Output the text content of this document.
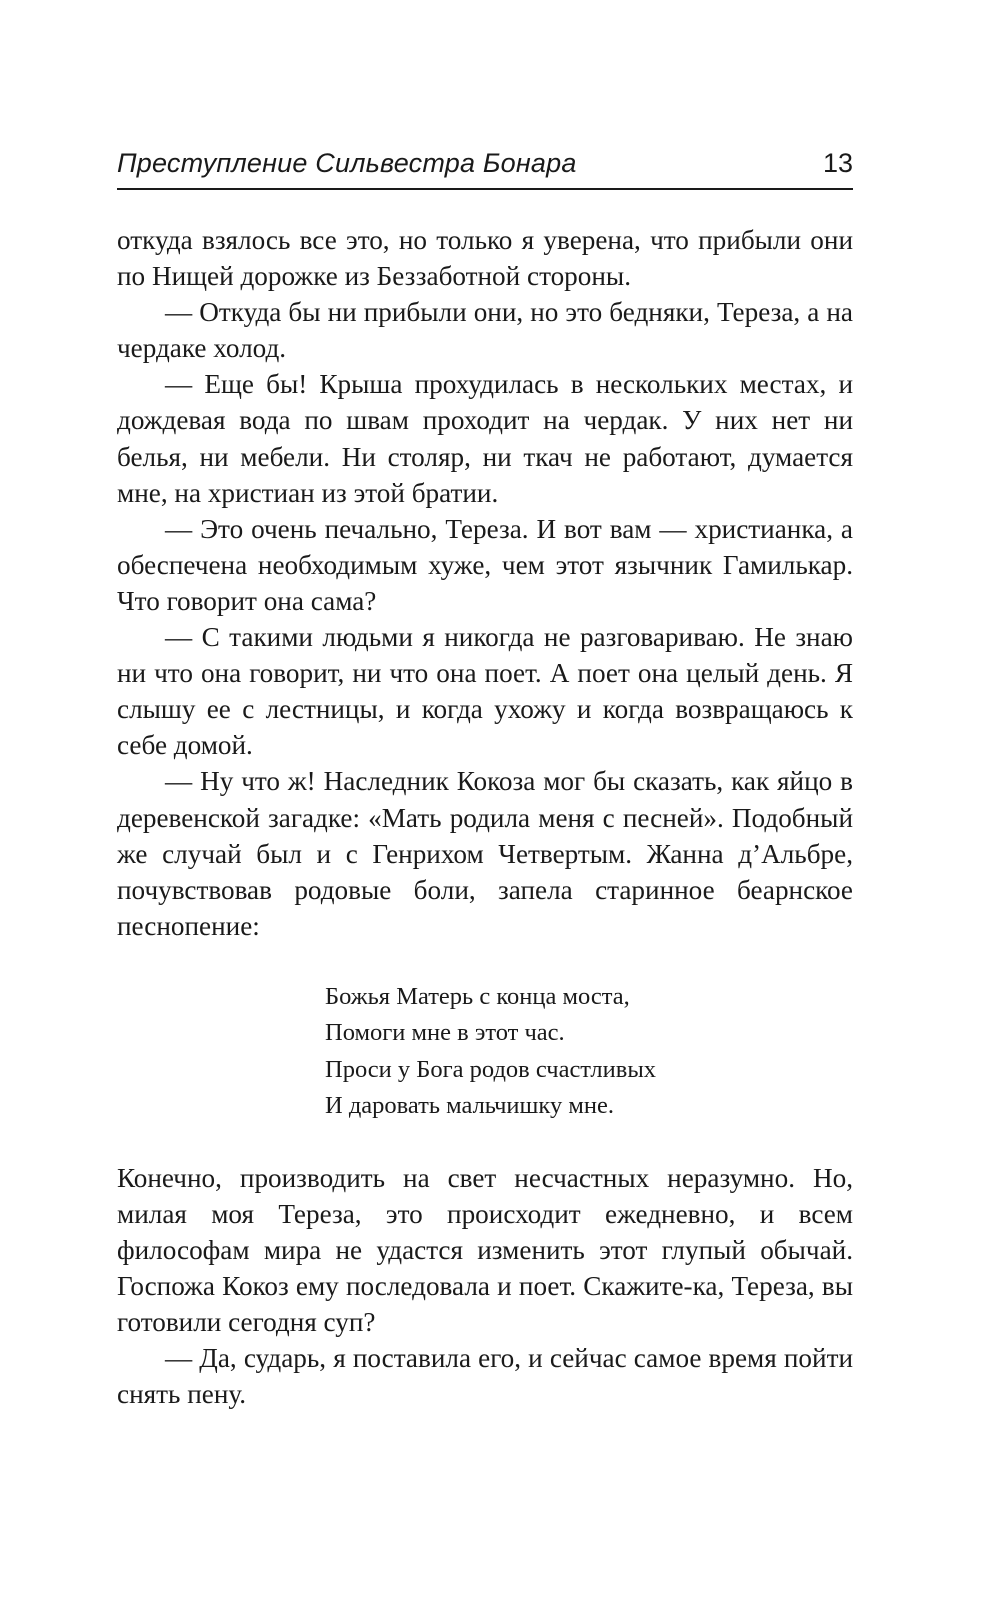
Преступление Сильвестра Бонара	13

откуда взялось все это, но только я уверена, что прибыли они по Нищей дорожке из Беззаботной стороны.

— Откуда бы ни прибыли они, но это бедняки, Тереза, а на чердаке холод.

— Еще бы! Крыша прохудилась в нескольких местах, и дождевая вода по швам проходит на чердак. У них нет ни белья, ни мебели. Ни столяр, ни ткач не работают, думается мне, на христиан из этой братии.

— Это очень печально, Тереза. И вот вам — христианка, а обеспечена необходимым хуже, чем этот язычник Гамилькар. Что говорит она сама?

— С такими людьми я никогда не разговариваю. Не знаю ни что она говорит, ни что она поет. А поет она целый день. Я слышу ее с лестницы, и когда ухожу и когда возвращаюсь к себе домой.

— Ну что ж! Наследник Кокоза мог бы сказать, как яйцо в деревенской загадке: «Мать родила меня с песней». Подобный же случай был и с Генрихом Четвертым. Жанна д’Альбре, почувствовав родовые боли, запела старинное беарнское песнопение:

Божья Матерь с конца моста,
Помоги мне в этот час.
Проси у Бога родов счастливых
И даровать мальчишку мне.

Конечно, производить на свет несчастных неразумно. Но, милая моя Тереза, это происходит ежедневно, и всем философам мира не удастся изменить этот глупый обычай. Госпожа Кокоз ему последовала и поет. Скажите-ка, Тереза, вы готовили сегодня суп?

— Да, сударь, я поставила его, и сейчас самое время пойти снять пену.
